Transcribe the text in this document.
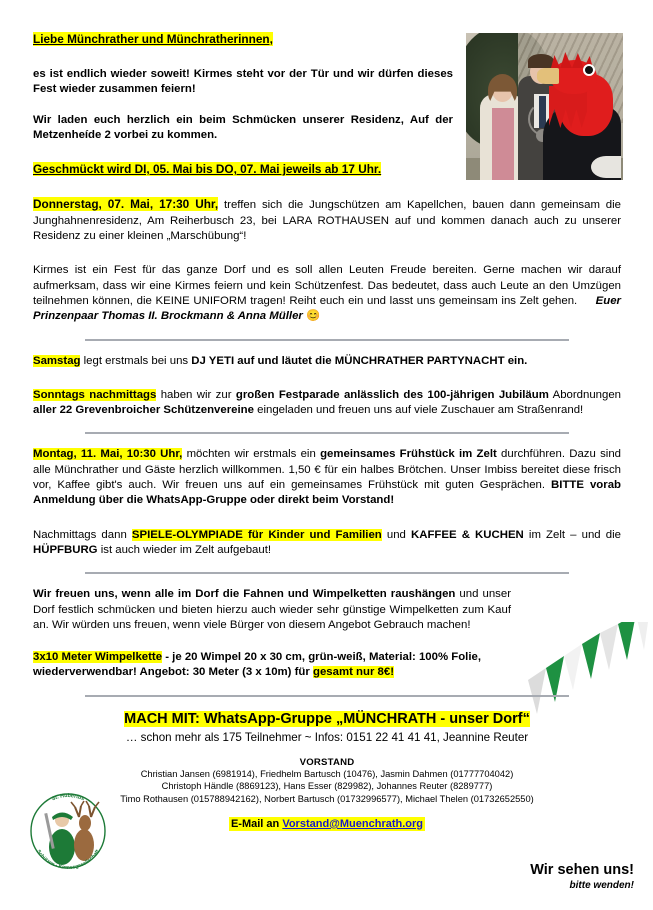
St. Hubertus
Schützen · Kirmesgesellschaft
Liebe Münchrather und Münchratherinnen,

es ist endlich wieder soweit! Kirmes steht vor der Tür und wir dürfen dieses Fest wieder zusammen feiern!

Wir laden euch herzlich ein beim Schmücken unserer Residenz, Auf der Metzenheíde 2 vorbei zu kommen.

Geschmückt wird DI, 05. Mai bis DO, 07. Mai jeweils ab 17 Uhr.

Donnerstag, 07. Mai, 17:30 Uhr, treffen sich die Jungschützen am Kapellchen, bauen dann gemeinsam die Junghahnenresidenz, Am Reiherbusch 23, bei LARA ROTHAUSEN auf und kommen danach auch zu unserer Residenz zu einer kleinen „Marschübung“!

Kirmes ist ein Fest für das ganze Dorf und es soll allen Leuten Freude bereiten. Gerne machen wir darauf aufmerksam, dass wir eine Kirmes feiern und kein Schützenfest. Das bedeutet, dass auch Leute an den Umzügen teilnehmen können, die KEINE UNIFORM tragen! Reiht euch ein und lasst uns gemeinsam ins Zelt gehen. Euer Prinzenpaar Thomas II. Brockmann & Anna Müller 😊

Samstag legt erstmals bei uns DJ YETI auf und läutet die MÜNCHRATHER PARTYNACHT ein.

Sonntags nachmittags haben wir zur großen Festparade anlässlich des 100-jährigen Jubiläum Abordnungen aller 22 Grevenbroicher Schützenvereine eingeladen und freuen uns auf viele Zuschauer am Straßenrand!

Montag, 11. Mai, 10:30 Uhr, möchten wir erstmals ein gemeinsames Frühstück im Zelt durchführen. Dazu sind alle Münchrather und Gäste herzlich willkommen. 1,50 € für ein halbes Brötchen. Unser Imbiss bereitet diese frisch vor, Kaffee gibt's auch. Wir freuen uns auf ein gemeinsames Frühstück mit guten Gesprächen. BITTE vorab Anmeldung über die WhatsApp-Gruppe oder direkt beim Vorstand!

Nachmittags dann SPIELE-OLYMPIADE für Kinder und Familien und KAFFEE & KUCHEN im Zelt – und die HÜPFBURG ist auch wieder im Zelt aufgebaut!

Wir freuen uns, wenn alle im Dorf die Fahnen und Wimpelketten raushängen und unser Dorf festlich schmücken und bieten hierzu auch wieder sehr günstige Wimpelketten zum Kauf an. Wir würden uns freuen, wenn viele Bürger von diesem Angebot Gebrauch machen!

3x10 Meter Wimpelkette - je 20 Wimpel 20 x 30 cm, grün-weiß, Material: 100% Folie, wiederverwendbar! Angebot: 30 Meter (3 x 10m) für gesamt nur 8€!

MACH MIT: WhatsApp-Gruppe „MÜNCHRATH - unser Dorf“
… schon mehr als 175 Teilnehmer ~ Infos: 0151 22 41 41 41, Jeannine Reuter
VORSTAND
Christian Jansen (6981914), Friedhelm Bartusch (10476), Jasmin Dahmen (01777704042)
Christoph Händle (8869123), Hans Esser (829982), Johannes Reuter (8289777)
Timo Rothausen (015788942162), Norbert Bartusch (01732996577), Michael Thelen (01732652550)
E-Mail an Vorstand@Muenchrath.org
Wir sehen uns!
bitte wenden!
